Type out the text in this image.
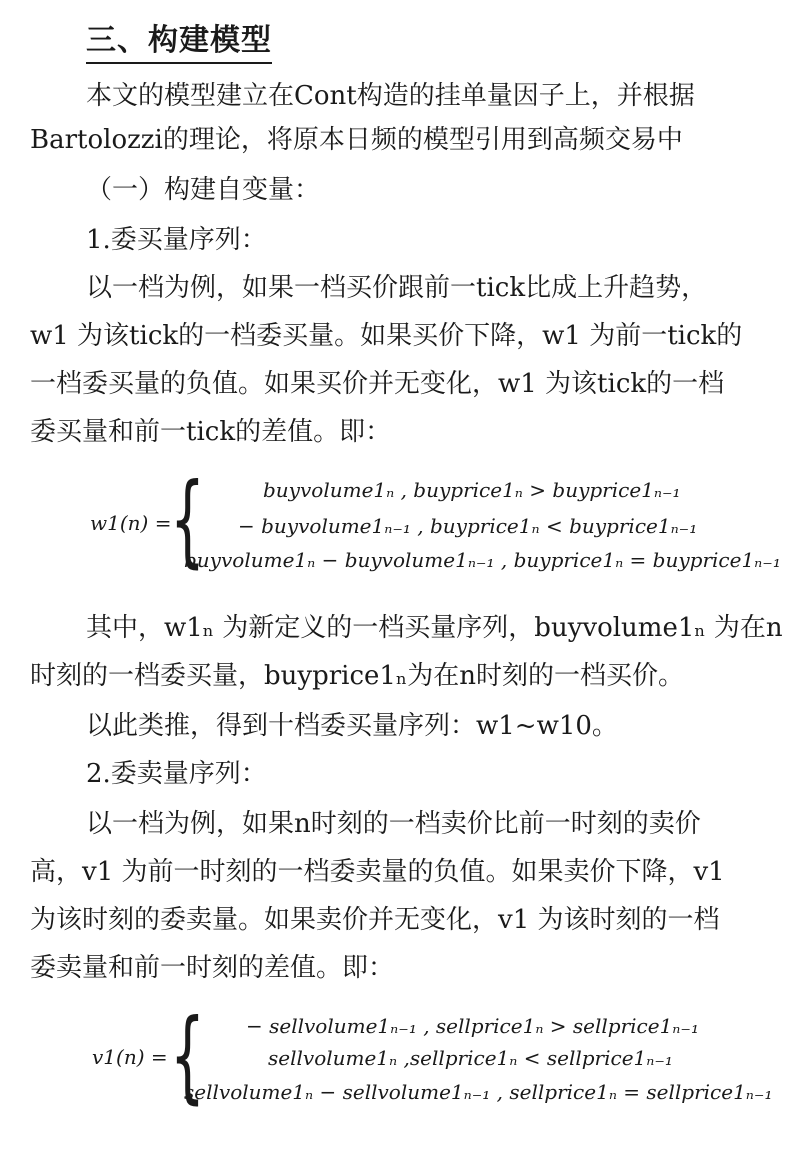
三、构建模型
本文的模型建立在Cont构造的挂单量因子上，并根据
Bartolozzi的理论，将原本日频的模型引用到高频交易中
（一）构建自变量：
1.委买量序列：
以一档为例，如果一档买价跟前一tick比成上升趋势，
w1 为该tick的一档委买量。如果买价下降，w1 为前一tick的
一档委买量的负值。如果买价并无变化，w1 为该tick的一档
委买量和前一tick的差值。即：
w1(n) =
{	buyvolume1ₙ , buyprice1ₙ > buyprice1ₙ₋₁
− buyvolume1ₙ₋₁ , buyprice1ₙ < buyprice1ₙ₋₁
buyvolume1ₙ − buyvolume1ₙ₋₁ , buyprice1ₙ = buyprice1ₙ₋₁
其中，w1ₙ 为新定义的一档买量序列，buyvolume1ₙ 为在n
时刻的一档委买量，buyprice1ₙ为在n时刻的一档买价。
以此类推，得到十档委买量序列：w1~w10。
2.委卖量序列：
以一档为例，如果n时刻的一档卖价比前一时刻的卖价
高，v1 为前一时刻的一档委卖量的负值。如果卖价下降，v1
为该时刻的委卖量。如果卖价并无变化，v1 为该时刻的一档
委卖量和前一时刻的差值。即：
v1(n) = { − sellvolume1ₙ₋₁ , sellprice1ₙ > sellprice1ₙ₋₁
sellvolume1ₙ ,sellprice1ₙ < sellprice1ₙ₋₁
sellvolume1ₙ − sellvolume1ₙ₋₁ , sellprice1ₙ = sellprice1ₙ₋₁
